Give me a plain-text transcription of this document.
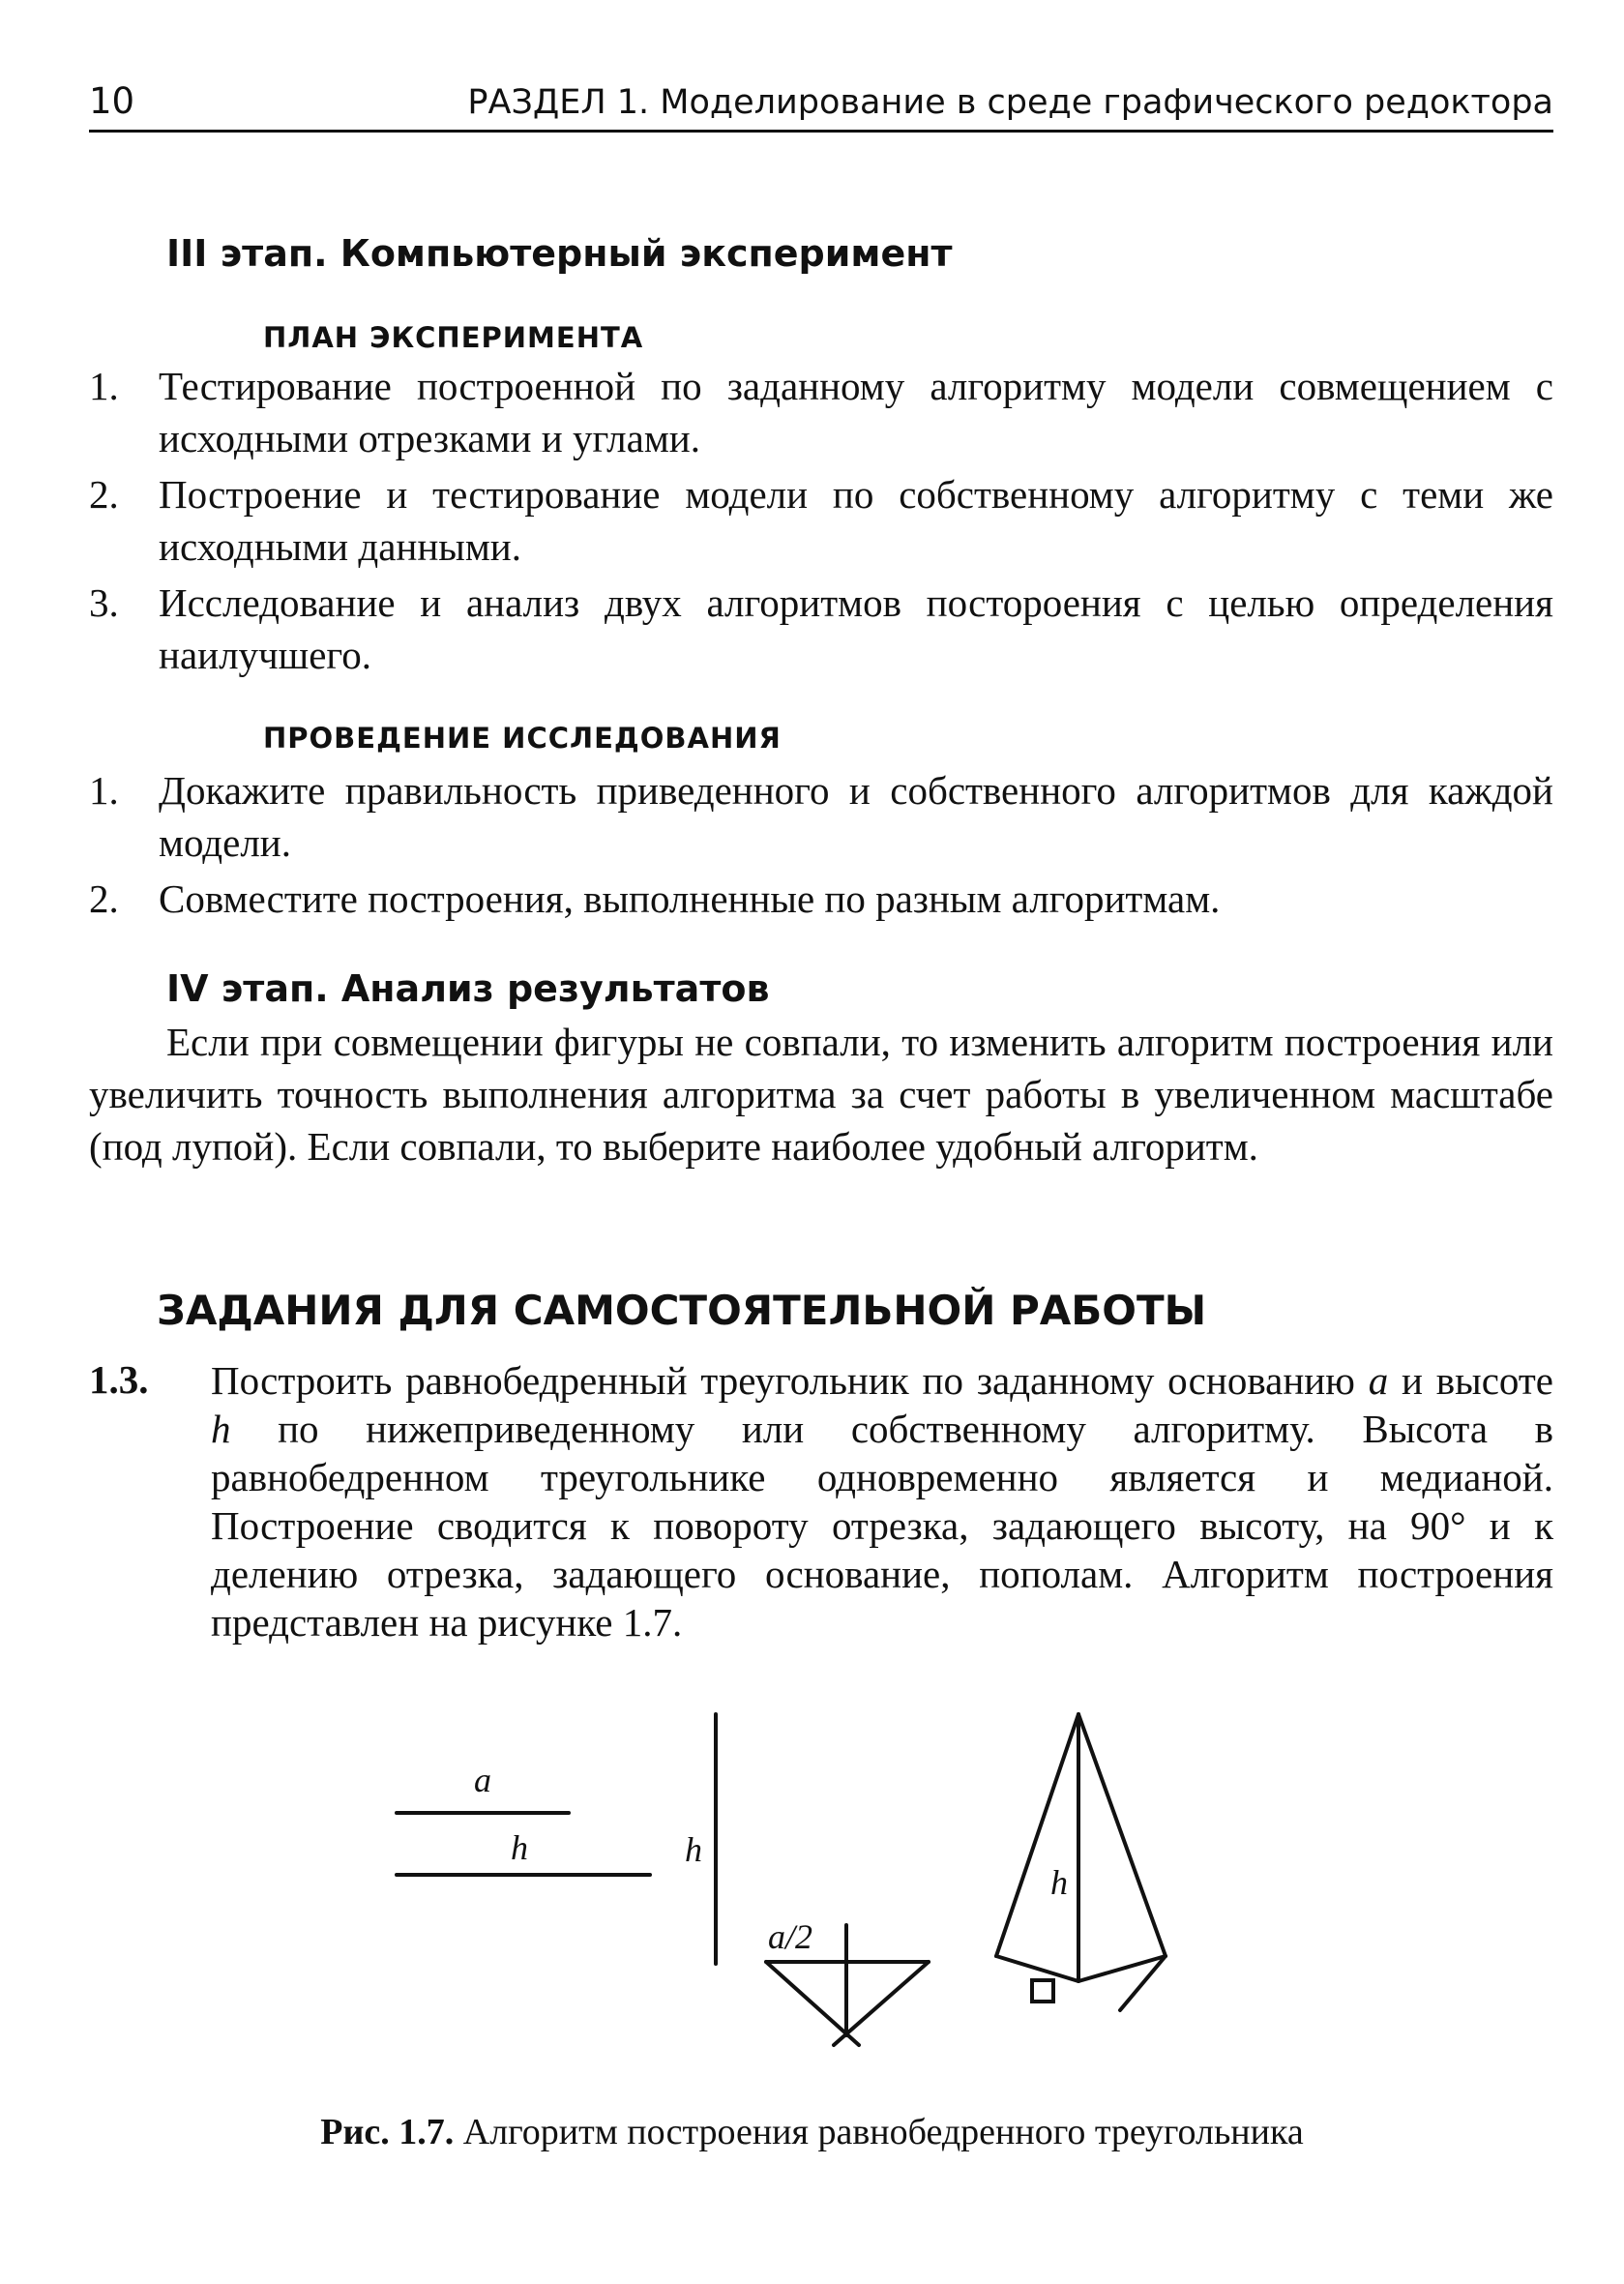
10	РАЗДЕЛ 1. Моделирование в среде графического редоктора
III этап. Компьютерный эксперимент
ПЛАН ЭКСПЕРИМЕНТА
1. Тестирование построенной по заданному алгоритму модели совмещением с исходными отрезками и углами.
2. Построение и тестирование модели по собственному алгоритму с теми же исходными данными.
3. Исследование и анализ двух алгоритмов постороения с целью определения наилучшего.
ПРОВЕДЕНИЕ ИССЛЕДОВАНИЯ
1. Докажите правильность приведенного и собственного алгоритмов для каждой модели.
2. Совместите построения, выполненные по разным алгоритмам.
IV этап. Анализ результатов
Если при совмещении фигуры не совпали, то изменить алгоритм построения или увеличить точность выполнения алгоритма за счет работы в увеличенном масштабе (под лупой). Если совпали, то выберите наиболее удобный алгоритм.
ЗАДАНИЯ ДЛЯ САМОСТОЯТЕЛЬНОЙ РАБОТЫ
1.3. Построить равнобедренный треугольник по заданному основанию a и высоте h по нижеприведенному или собственному алгоритму. Высота в равнобедренном треугольнике одновременно является и медианой. Построение сводится к повороту отрезка, задающего высоту, на 90° и к делению отрезка, задающего основание, пополам. Алгоритм построения представлен на рисунке 1.7.
a
h	h
a/2
h
Рис. 1.7. Алгоритм построения равнобедренного треугольника
